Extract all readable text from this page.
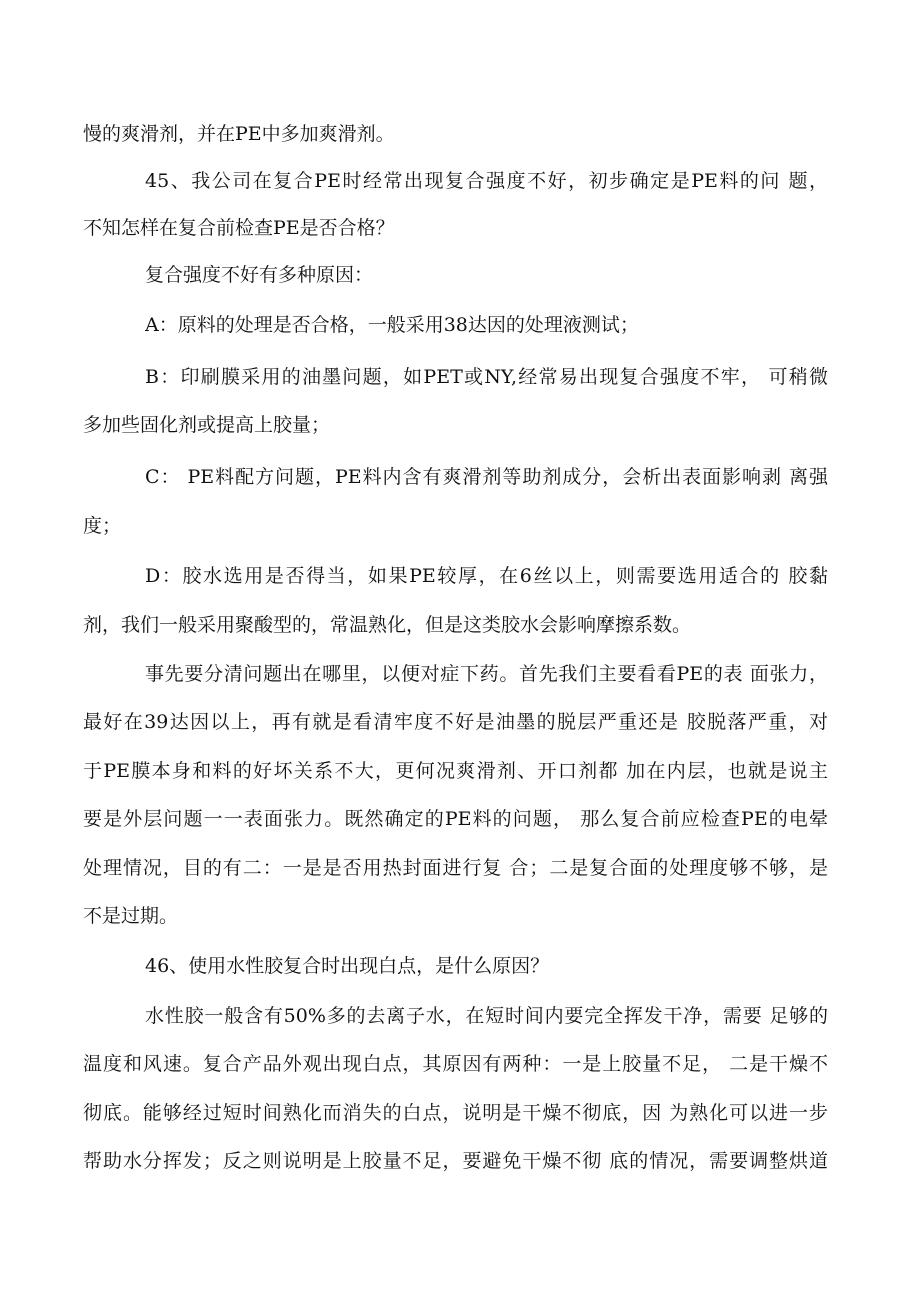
慢的爽滑剂，并在PE中多加爽滑剂。
45、我公司在复合PE时经常出现复合强度不好，初步确定是PE料的问 题，
不知怎样在复合前检查PE是否合格？
复合强度不好有多种原因：
A：原料的处理是否合格，一般采用38达因的处理液测试；
B：印刷膜采用的油墨问题，如PET或NY,经常易出现复合强度不牢， 可稍微
多加些固化剂或提高上胶量；
C： PE料配方问题，PE料内含有爽滑剂等助剂成分，会析出表面影响剥 离强
度；
D：胶水选用是否得当，如果PE较厚，在6丝以上，则需要选用适合的 胶黏
剂，我们一般采用聚酸型的，常温熟化，但是这类胶水会影响摩擦系数。
事先要分清问题出在哪里，以便对症下药。首先我们主要看看PE的表 面张力，
最好在39达因以上，再有就是看清牢度不好是油墨的脱层严重还是 胶脱落严重，对
于PE膜本身和料的好坏关系不大，更何况爽滑剂、开口剂都 加在内层，也就是说主
要是外层问题一一表面张力。既然确定的PE料的问题， 那么复合前应检查PE的电晕
处理情况，目的有二：一是是否用热封面进行复 合；二是复合面的处理度够不够，是
不是过期。
46、使用水性胶复合时出现白点，是什么原因？
水性胶一般含有50%多的去离子水，在短时间内要完全挥发干净，需要 足够的
温度和风速。复合产品外观出现白点，其原因有两种：一是上胶量不足， 二是干燥不
彻底。能够经过短时间熟化而消失的白点，说明是干燥不彻底，因 为熟化可以进一步
帮助水分挥发；反之则说明是上胶量不足，要避免干燥不彻 底的情况，需要调整烘道
